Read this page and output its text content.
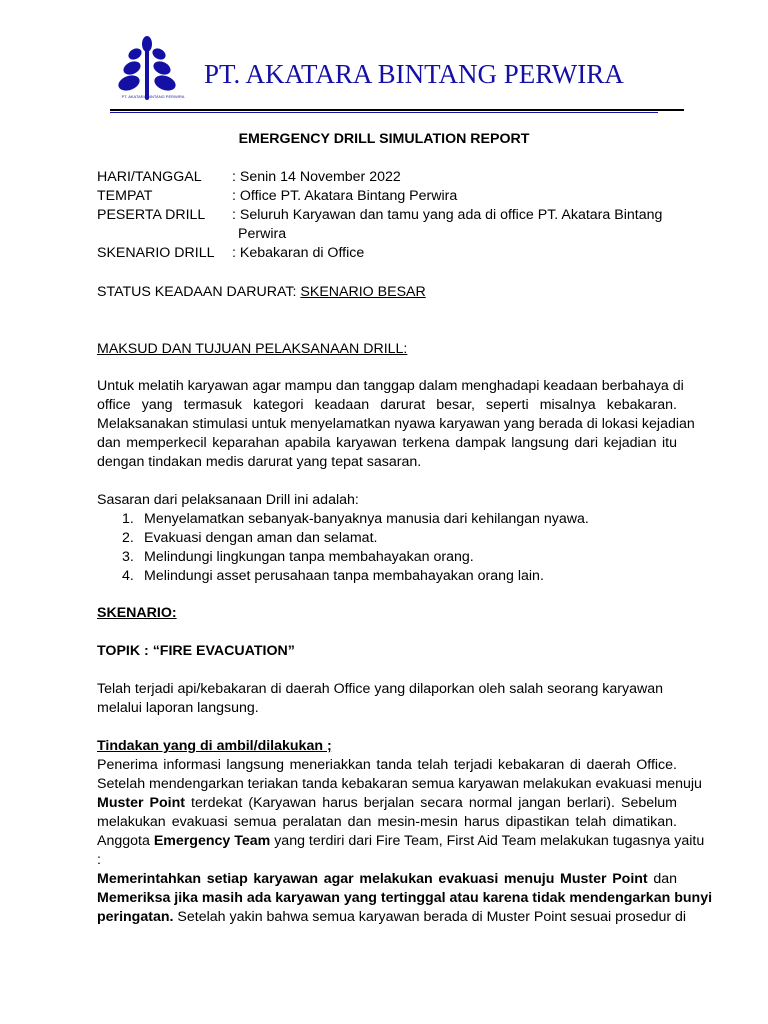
PT. AKATARA BINTANG PERWIRA
PT. AKATARA BINTANG PERWIRA
EMERGENCY DRILL SIMULATION REPORT
HARI/TANGGAL : Senin 14 November 2022
TEMPAT	: Office PT. Akatara Bintang Perwira
PESERTA DRILL : Seluruh Karyawan dan tamu yang ada di office PT. Akatara Bintang
Perwira
SKENARIO DRILL : Kebakaran di Office
STATUS KEADAAN DARURAT: SKENARIO BESAR
MAKSUD DAN TUJUAN PELAKSANAAN DRILL:
Untuk melatih karyawan agar mampu dan tanggap dalam menghadapi keadaan berbahaya di
office yang termasuk kategori keadaan darurat besar, seperti misalnya kebakaran.
Melaksanakan stimulasi untuk menyelamatkan nyawa karyawan yang berada di lokasi kejadian
dan memperkecil keparahan apabila karyawan terkena dampak langsung dari kejadian itu
dengan tindakan medis darurat yang tepat sasaran.
Sasaran dari pelaksanaan Drill ini adalah:
1. Menyelamatkan sebanyak-banyaknya manusia dari kehilangan nyawa.
2. Evakuasi dengan aman dan selamat.
3. Melindungi lingkungan tanpa membahayakan orang.
4. Melindungi asset perusahaan tanpa membahayakan orang lain.
SKENARIO:
TOPIK : “FIRE EVACUATION”
Telah terjadi api/kebakaran di daerah Office yang dilaporkan oleh salah seorang karyawan
melalui laporan langsung.
Tindakan yang di ambil/dilakukan ;
Penerima informasi langsung meneriakkan tanda telah terjadi kebakaran di daerah Office.
Setelah mendengarkan teriakan tanda kebakaran semua karyawan melakukan evakuasi menuju
Muster Point terdekat (Karyawan harus berjalan secara normal jangan berlari). Sebelum
melakukan evakuasi semua peralatan dan mesin-mesin harus dipastikan telah dimatikan.
Anggota Emergency Team yang terdiri dari Fire Team, First Aid Team melakukan tugasnya yaitu
:
Memerintahkan setiap karyawan agar melakukan evakuasi menuju Muster Point dan
Memeriksa jika masih ada karyawan yang tertinggal atau karena tidak mendengarkan bunyi
peringatan. Setelah yakin bahwa semua karyawan berada di Muster Point sesuai prosedur di
